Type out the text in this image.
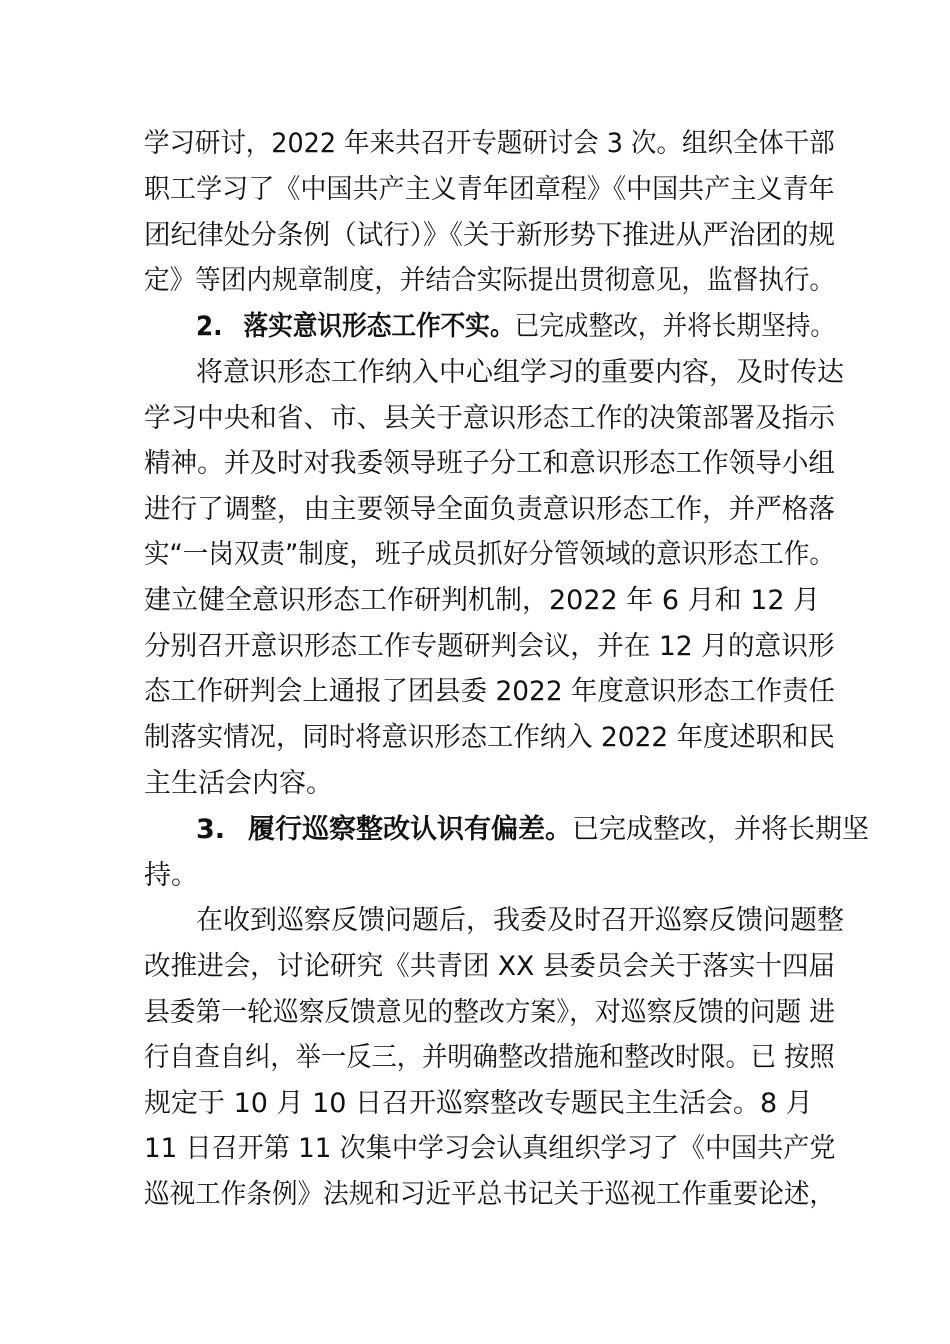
学习研讨，2022 年来共召开专题研讨会 3 次。组织全体干部
职工学习了《中国共产主义青年团章程》《中国共产主义青年
团纪律处分条例（试行）》《关于新形势下推进从严治团的规
定》等团内规章制度，并结合实际提出贯彻意见，监督执行。
2. 落实意识形态工作不实。已完成整改，并将长期坚持。
将意识形态工作纳入中心组学习的重要内容，及时传达
学习中央和省、市、县关于意识形态工作的决策部署及指示
精神。并及时对我委领导班子分工和意识形态工作领导小组
进行了调整，由主要领导全面负责意识形态工作，并严格落
实“一岗双责”制度，班子成员抓好分管领域的意识形态工作。
建立健全意识形态工作研判机制，2022 年 6 月和 12 月
分别召开意识形态工作专题研判会议，并在 12 月的意识形
态工作研判会上通报了团县委 2022 年度意识形态工作责任
制落实情况，同时将意识形态工作纳入 2022 年度述职和民
主生活会内容。
3. 履行巡察整改认识有偏差。已完成整改，并将长期坚
持。
在收到巡察反馈问题后，我委及时召开巡察反馈问题整
改推进会，讨论研究《共青团 XX 县委员会关于落实十四届
县委第一轮巡察反馈意见的整改方案》，对巡察反馈的问题 进
行自查自纠，举一反三，并明确整改措施和整改时限。已 按照
规定于 10 月 10 日召开巡察整改专题民主生活会。8 月
11 日召开第 11 次集中学习会认真组织学习了《中国共产党
巡视工作条例》法规和习近平总书记关于巡视工作重要论述，
